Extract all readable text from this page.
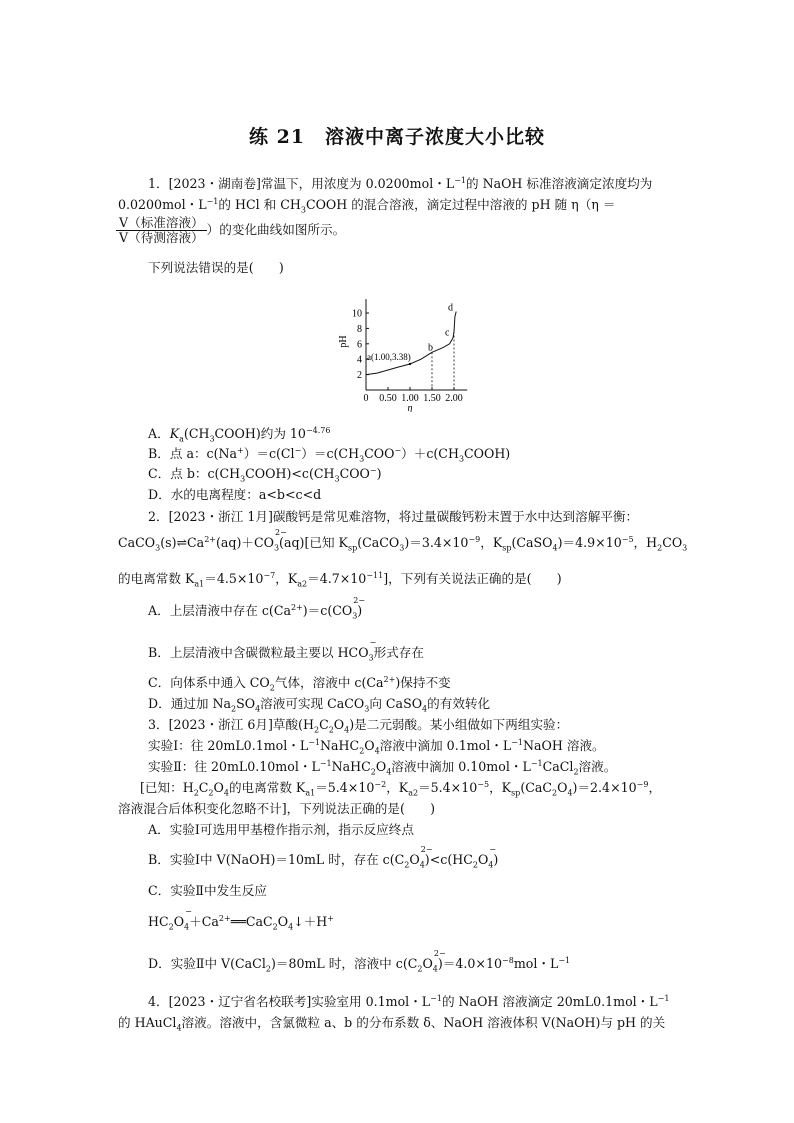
练 21　溶液中离子浓度大小比较
1．[2023・湖南卷]常温下，用浓度为 0.0200mol・$L^{-1}$的 NaOH 标准溶液滴定浓度均为
0.0200mol・$L^{-1}$的 HCl 和 $CH_3COOH$ 的混合溶液，滴定过程中溶液的 pH 随 η（η ＝
$\frac{\text{V（标准溶液）}}{\text{V（待测溶液）}}$ ）的变化曲线如图所示。
下列说法错误的是(　　)
2
4
6
8
10
0 0.50 1.00 1.50 2.00
pH
η
a(1.00,3.38)
b
c
d
A．$K_a(CH_3COOH)$约为 $10^{-4.76}$
B．点 a：$c(Na^+)=c(Cl^-)=c(CH_3COO^-)+c(CH_3COOH)$
C．点 b：$c(CH_3COOH)<c(CH_3COO^-)$
D．水的电离程度：a<b<c<d
2．[2023・浙江 1月]碳酸钙是常见难溶物，将过量碳酸钙粉末置于水中达到溶解平衡：
$CaCO_3(s)\rightleftharpoons Ca^{2+}(aq)+CO_3$
2−
(aq)[已知 $K_{sp}(CaCO_3)=3.4\times 10^{-9}$，$K_{sp}(CaSO_4)=4.9\times 10^{-5}$，$H_2CO_3$
的电离常数 $K_{a1}=4.5\times 10^{-7}$，$K_{a2}=4.7\times 10^{-11}$]，下列有关说法正确的是(　　)
A．上层清液中存在 $c(Ca^{2+})=c(CO_3$
2−
)
B．上层清液中含碳微粒最主要以 $HCO_3$
−
形式存在
C．向体系中通入 $CO_2$气体，溶液中 $c(Ca^{2+})$保持不变
D．通过加 $Na_2SO_4$溶液可实现 CaCO$_3$向 CaSO$_4$的有效转化
3．[2023・浙江 6月]草酸$(H_2C_2O_4)$是二元弱酸。某小组做如下两组实验：
实验Ⅰ：往 20mL0.1mol・$L^{-1}NaHC_2O_4$溶液中滴加 0.1mol・$L^{-1}NaOH$ 溶液。
实验Ⅱ：往 20mL0.10mol・$L^{-1}NaHC_2O_4$溶液中滴加 0.10mol・$L^{-1}CaCl_2$溶液。
[已知：$H_2C_2O_4$的电离常数 $K_{a1}=5.4\times 10^{-2}$，$K_{a2}=5.4\times 10^{-5}$，$K_{sp}(CaC_2O_4)=2.4\times 10^{-9}$，
溶液混合后体积变化忽略不计]，下列说法正确的是(　　)
A．实验Ⅰ可选用甲基橙作指示剂，指示反应终点
B．实验Ⅰ中 V(NaOH)＝10mL 时，存在 $c(C_2O_4$
2−
)$<c(HC_2O_4$
−
)
C．实验Ⅱ中发生反应
$HC_2O_4$
−
$+Ca^{2+}══CaC_2O_4↓+H^+$
D．实验Ⅱ中 V(CaCl$_2$)＝80mL 时，溶液中 $c(C_2O_4$
2−
)$=4.0\times 10^{-8}mol$・$L^{-1}$
4．[2023・辽宁省名校联考]实验室用 0.1mol・$L^{-1}$的 NaOH 溶液滴定 20mL0.1mol・$L^{-1}$
的 HAuCl$_4$溶液。溶液中，含氯微粒 a、b 的分布系数 δ、NaOH 溶液体积 V(NaOH)与 pH 的关
